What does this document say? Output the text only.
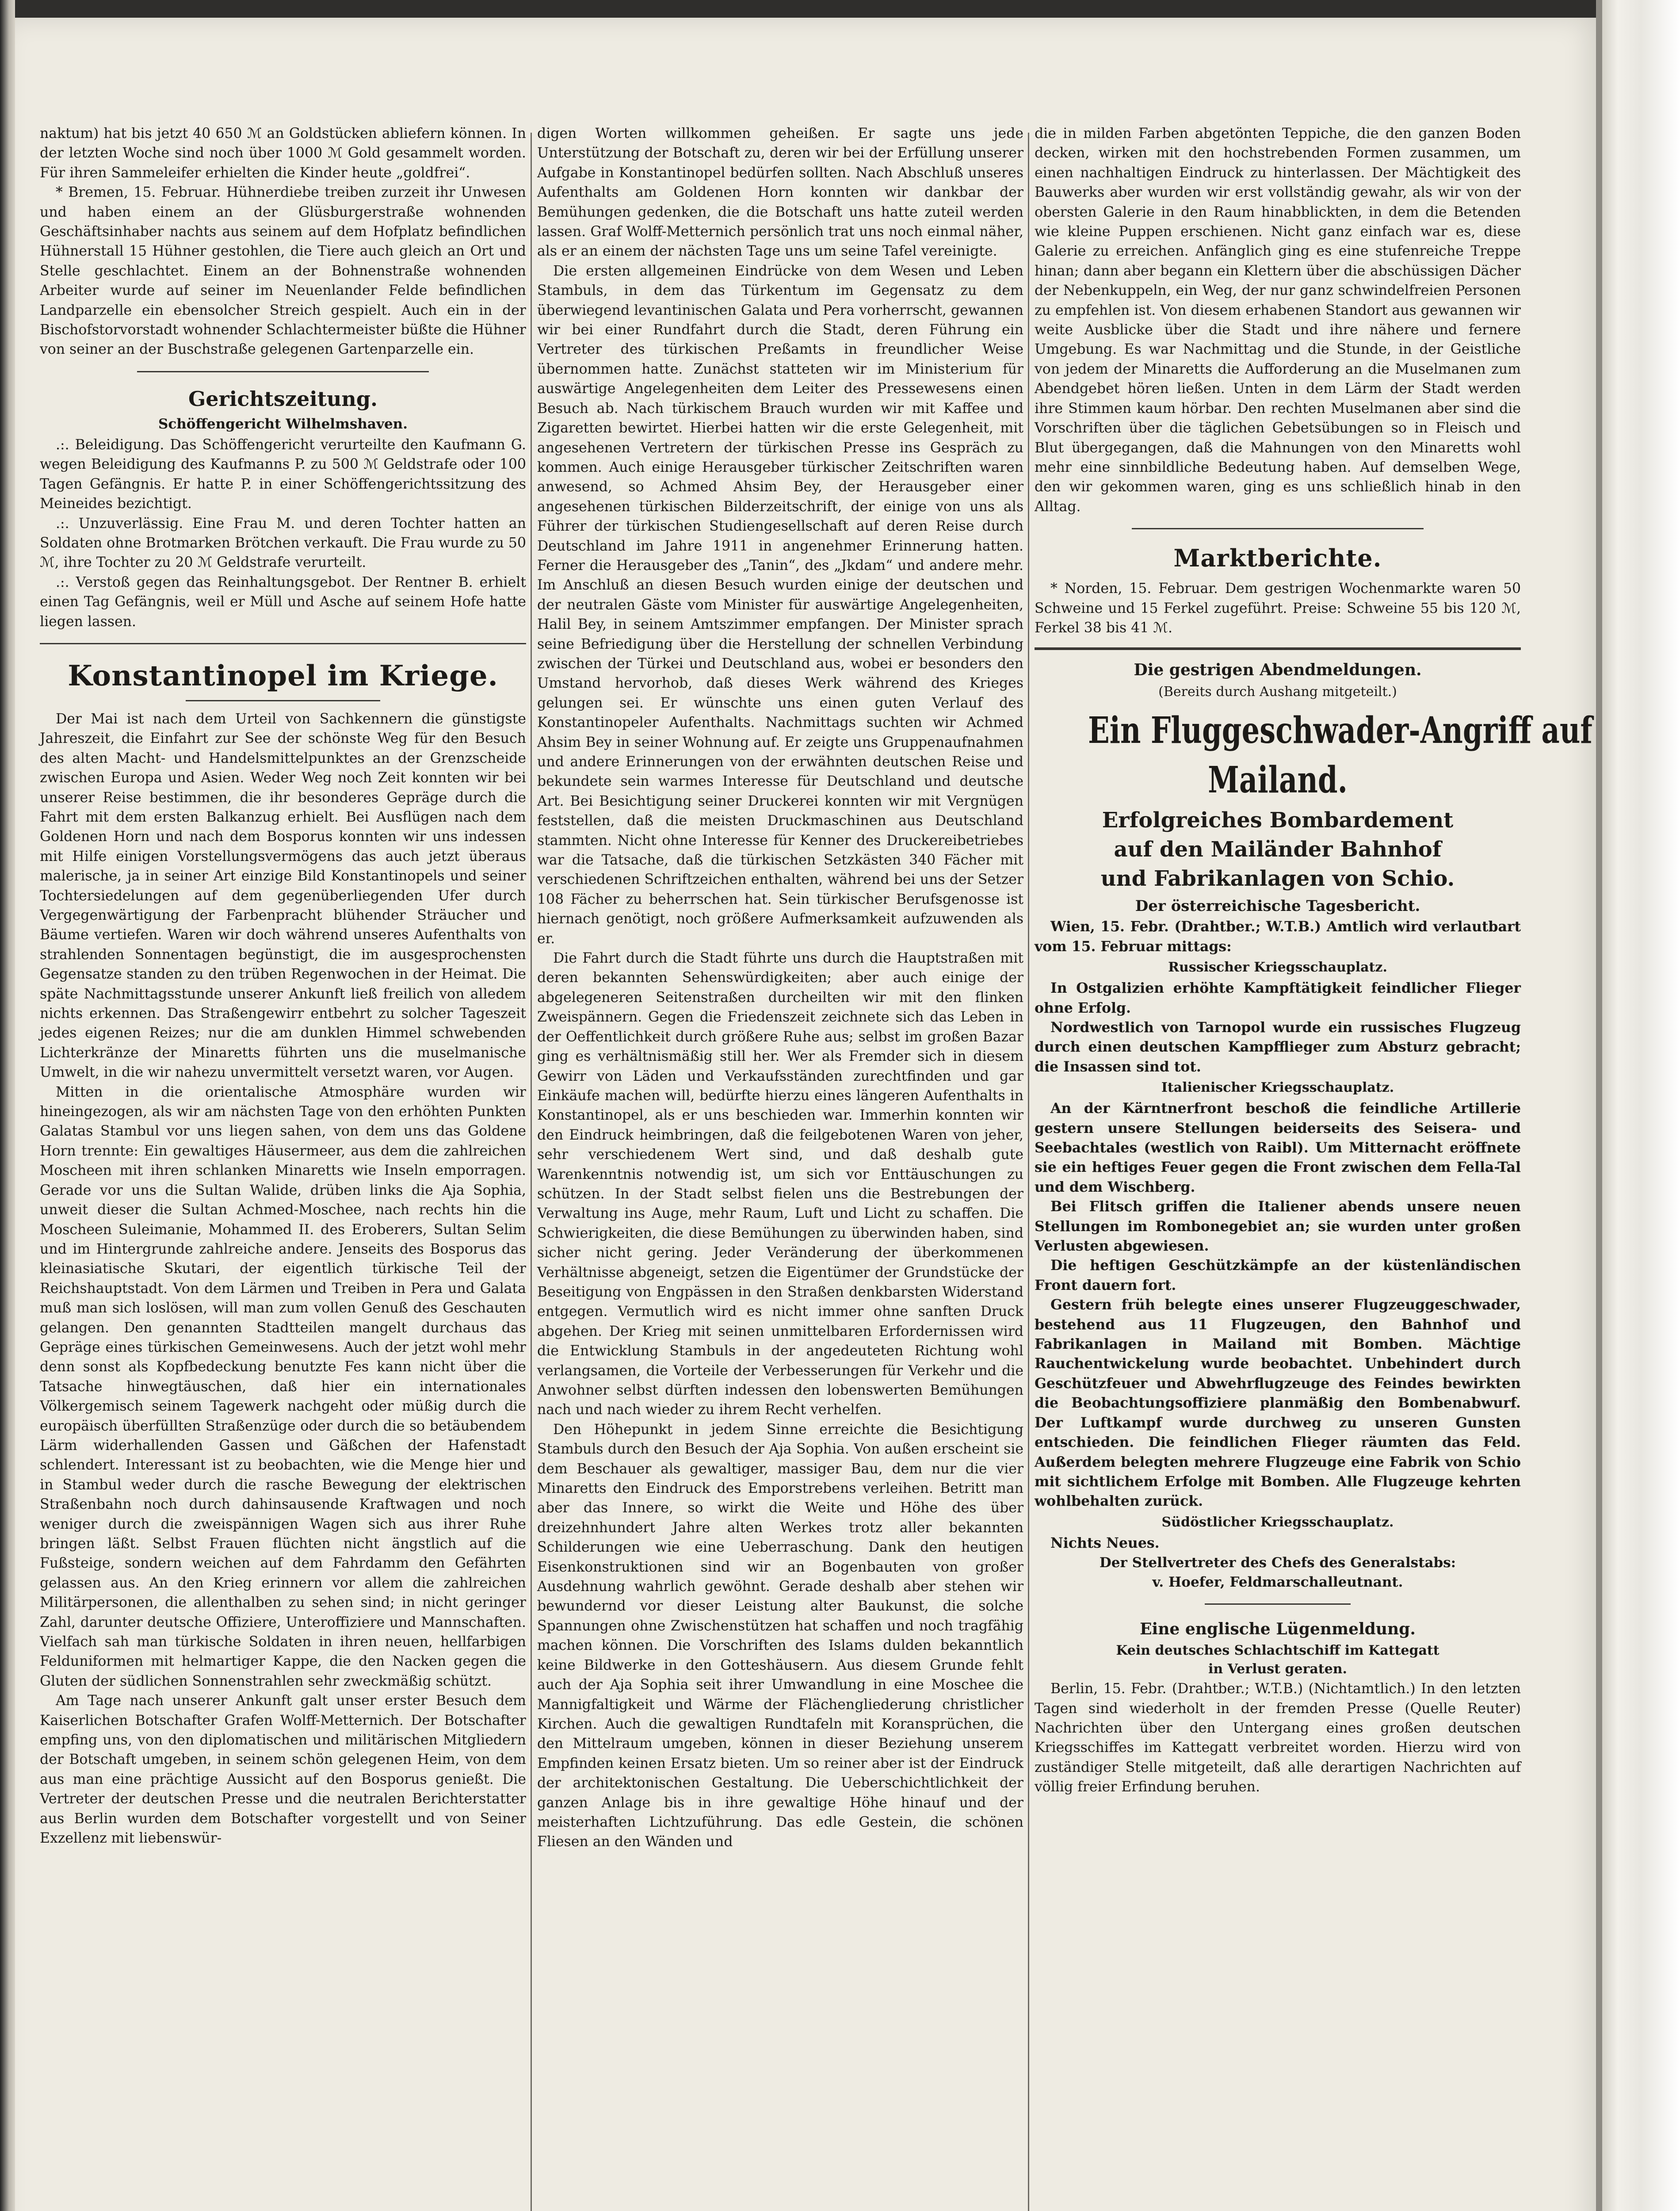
naktum) hat bis jetzt 40 650 ℳ an Goldstücken abliefern können. In der letzten Woche sind noch über 1000 ℳ Gold gesammelt worden. Für ihren Sammeleifer erhielten die Kinder heute „goldfrei“.

* Bremen, 15. Februar. Hühnerdiebe treiben zurzeit ihr Unwesen und haben einem an der Glüsburgerstraße wohnenden Geschäftsinhaber nachts aus seinem auf dem Hofplatz befindlichen Hühnerstall 15 Hühner gestohlen, die Tiere auch gleich an Ort und Stelle geschlachtet. Einem an der Bohnenstraße wohnenden Arbeiter wurde auf seiner im Neuenlander Felde befindlichen Landparzelle ein ebensolcher Streich gespielt. Auch ein in der Bischofstorvorstadt wohnender Schlachtermeister büßte die Hühner von seiner an der Buschstraße gelegenen Gartenparzelle ein.

Gerichtszeitung.
Schöffengericht Wilhelmshaven.

.:. Beleidigung. Das Schöffengericht verurteilte den Kaufmann G. wegen Beleidigung des Kaufmanns P. zu 500 ℳ Geldstrafe oder 100 Tagen Gefängnis. Er hatte P. in einer Schöffengerichtssitzung des Meineides bezichtigt.

.:. Unzuverlässig. Eine Frau M. und deren Tochter hatten an Soldaten ohne Brotmarken Brötchen verkauft. Die Frau wurde zu 50 ℳ, ihre Tochter zu 20 ℳ Geldstrafe verurteilt.

.:. Verstoß gegen das Reinhaltungsgebot. Der Rentner B. erhielt einen Tag Gefängnis, weil er Müll und Asche auf seinem Hofe hatte liegen lassen.

Konstantinopel im Kriege.

Der Mai ist nach dem Urteil von Sachkennern die günstigste Jahreszeit, die Einfahrt zur See der schönste Weg für den Besuch des alten Macht- und Handelsmittelpunktes an der Grenzscheide zwischen Europa und Asien. Weder Weg noch Zeit konnten wir bei unserer Reise bestimmen, die ihr besonderes Gepräge durch die Fahrt mit dem ersten Balkanzug erhielt. Bei Ausflügen nach dem Goldenen Horn und nach dem Bosporus konnten wir uns indessen mit Hilfe einigen Vorstellungsvermögens das auch jetzt überaus malerische, ja in seiner Art einzige Bild Konstantinopels und seiner Tochtersiedelungen auf dem gegenüberliegenden Ufer durch Vergegenwärtigung der Farbenpracht blühender Sträucher und Bäume vertiefen. Waren wir doch während unseres Aufenthalts von strahlenden Sonnentagen begünstigt, die im ausgesprochensten Gegensatze standen zu den trüben Regenwochen in der Heimat. Die späte Nachmittagsstunde unserer Ankunft ließ freilich von alledem nichts erkennen. Das Straßengewirr entbehrt zu solcher Tageszeit jedes eigenen Reizes; nur die am dunklen Himmel schwebenden Lichterkränze der Minaretts führten uns die muselmanische Umwelt, in die wir nahezu unvermittelt versetzt waren, vor Augen.

Mitten in die orientalische Atmosphäre wurden wir hineingezogen, als wir am nächsten Tage von den erhöhten Punkten Galatas Stambul vor uns liegen sahen, von dem uns das Goldene Horn trennte: Ein gewaltiges Häusermeer, aus dem die zahlreichen Moscheen mit ihren schlanken Minaretts wie Inseln emporragen. Gerade vor uns die Sultan Walide, drüben links die Aja Sophia, unweit dieser die Sultan Achmed-Moschee, nach rechts hin die Moscheen Suleimanie, Mohammed II. des Eroberers, Sultan Selim und im Hintergrunde zahlreiche andere. Jenseits des Bosporus das kleinasiatische Skutari, der eigentlich türkische Teil der Reichshauptstadt. Von dem Lärmen und Treiben in Pera und Galata muß man sich loslösen, will man zum vollen Genuß des Geschauten gelangen. Den genannten Stadtteilen mangelt durchaus das Gepräge eines türkischen Gemeinwesens. Auch der jetzt wohl mehr denn sonst als Kopfbedeckung benutzte Fes kann nicht über die Tatsache hinwegtäuschen, daß hier ein internationales Völkergemisch seinem Tagewerk nachgeht oder müßig durch die europäisch überfüllten Straßenzüge oder durch die so betäubendem Lärm widerhallenden Gassen und Gäßchen der Hafenstadt schlendert. Interessant ist zu beobachten, wie die Menge hier und in Stambul weder durch die rasche Bewegung der elektrischen Straßenbahn noch durch dahinsausende Kraftwagen und noch weniger durch die zweispännigen Wagen sich aus ihrer Ruhe bringen läßt. Selbst Frauen flüchten nicht ängstlich auf die Fußsteige, sondern weichen auf dem Fahrdamm den Gefährten gelassen aus. An den Krieg erinnern vor allem die zahlreichen Militärpersonen, die allenthalben zu sehen sind; in nicht geringer Zahl, darunter deutsche Offiziere, Unteroffiziere und Mannschaften. Vielfach sah man türkische Soldaten in ihren neuen, hellfarbigen Felduniformen mit helmartiger Kappe, die den Nacken gegen die Gluten der südlichen Sonnenstrahlen sehr zweckmäßig schützt.

Am Tage nach unserer Ankunft galt unser erster Besuch dem Kaiserlichen Botschafter Grafen Wolff-Metternich. Der Botschafter empfing uns, von den diplomatischen und militärischen Mitgliedern der Botschaft umgeben, in seinem schön gelegenen Heim, von dem aus man eine prächtige Aussicht auf den Bosporus genießt. Die Vertreter der deutschen Presse und die neutralen Berichterstatter aus Berlin wurden dem Botschafter vorgestellt und von Seiner Exzellenz mit liebenswür-

digen Worten willkommen geheißen. Er sagte uns jede Unterstützung der Botschaft zu, deren wir bei der Erfüllung unserer Aufgabe in Konstantinopel bedürfen sollten. Nach Abschluß unseres Aufenthalts am Goldenen Horn konnten wir dankbar der Bemühungen gedenken, die die Botschaft uns hatte zuteil werden lassen. Graf Wolff-Metternich persönlich trat uns noch einmal näher, als er an einem der nächsten Tage uns um seine Tafel vereinigte.

Die ersten allgemeinen Eindrücke von dem Wesen und Leben Stambuls, in dem das Türkentum im Gegensatz zu dem überwiegend levantinischen Galata und Pera vorherrscht, gewannen wir bei einer Rundfahrt durch die Stadt, deren Führung ein Vertreter des türkischen Preßamts in freundlicher Weise übernommen hatte. Zunächst statteten wir im Ministerium für auswärtige Angelegenheiten dem Leiter des Pressewesens einen Besuch ab. Nach türkischem Brauch wurden wir mit Kaffee und Zigaretten bewirtet. Hierbei hatten wir die erste Gelegenheit, mit angesehenen Vertretern der türkischen Presse ins Gespräch zu kommen. Auch einige Herausgeber türkischer Zeitschriften waren anwesend, so Achmed Ahsim Bey, der Herausgeber einer angesehenen türkischen Bilderzeitschrift, der einige von uns als Führer der türkischen Studiengesellschaft auf deren Reise durch Deutschland im Jahre 1911 in angenehmer Erinnerung hatten. Ferner die Herausgeber des „Tanin“, des „Jkdam“ und andere mehr. Im Anschluß an diesen Besuch wurden einige der deutschen und der neutralen Gäste vom Minister für auswärtige Angelegenheiten, Halil Bey, in seinem Amtszimmer empfangen. Der Minister sprach seine Befriedigung über die Herstellung der schnellen Verbindung zwischen der Türkei und Deutschland aus, wobei er besonders den Umstand hervorhob, daß dieses Werk während des Krieges gelungen sei. Er wünschte uns einen guten Verlauf des Konstantinopeler Aufenthalts. Nachmittags suchten wir Achmed Ahsim Bey in seiner Wohnung auf. Er zeigte uns Gruppenaufnahmen und andere Erinnerungen von der erwähnten deutschen Reise und bekundete sein warmes Interesse für Deutschland und deutsche Art. Bei Besichtigung seiner Druckerei konnten wir mit Vergnügen feststellen, daß die meisten Druckmaschinen aus Deutschland stammten. Nicht ohne Interesse für Kenner des Druckereibetriebes war die Tatsache, daß die türkischen Setzkästen 340 Fächer mit verschiedenen Schriftzeichen enthalten, während bei uns der Setzer 108 Fächer zu beherrschen hat. Sein türkischer Berufsgenosse ist hiernach genötigt, noch größere Aufmerksamkeit aufzuwenden als er.

Die Fahrt durch die Stadt führte uns durch die Hauptstraßen mit deren bekannten Sehenswürdigkeiten; aber auch einige der abgelegeneren Seitenstraßen durcheilten wir mit den flinken Zweispännern. Gegen die Friedenszeit zeichnete sich das Leben in der Oeffentlichkeit durch größere Ruhe aus; selbst im großen Bazar ging es verhältnismäßig still her. Wer als Fremder sich in diesem Gewirr von Läden und Verkaufsständen zurechtfinden und gar Einkäufe machen will, bedürfte hierzu eines längeren Aufenthalts in Konstantinopel, als er uns beschieden war. Immerhin konnten wir den Eindruck heimbringen, daß die feilgebotenen Waren von jeher, sehr verschiedenem Wert sind, und daß deshalb gute Warenkenntnis notwendig ist, um sich vor Enttäuschungen zu schützen. In der Stadt selbst fielen uns die Bestrebungen der Verwaltung ins Auge, mehr Raum, Luft und Licht zu schaffen. Die Schwierigkeiten, die diese Bemühungen zu überwinden haben, sind sicher nicht gering. Jeder Veränderung der überkommenen Verhältnisse abgeneigt, setzen die Eigentümer der Grundstücke der Beseitigung von Engpässen in den Straßen denkbarsten Widerstand entgegen. Vermutlich wird es nicht immer ohne sanften Druck abgehen. Der Krieg mit seinen unmittelbaren Erfordernissen wird die Entwicklung Stambuls in der angedeuteten Richtung wohl verlangsamen, die Vorteile der Verbesserungen für Verkehr und die Anwohner selbst dürften indessen den lobenswerten Bemühungen nach und nach wieder zu ihrem Recht verhelfen.

Den Höhepunkt in jedem Sinne erreichte die Besichtigung Stambuls durch den Besuch der Aja Sophia. Von außen erscheint sie dem Beschauer als gewaltiger, massiger Bau, dem nur die vier Minaretts den Eindruck des Emporstrebens verleihen. Betritt man aber das Innere, so wirkt die Weite und Höhe des über dreizehnhundert Jahre alten Werkes trotz aller bekannten Schilderungen wie eine Ueberraschung. Dank den heutigen Eisenkonstruktionen sind wir an Bogenbauten von großer Ausdehnung wahrlich gewöhnt. Gerade deshalb aber stehen wir bewundernd vor dieser Leistung alter Baukunst, die solche Spannungen ohne Zwischenstützen hat schaffen und noch tragfähig machen können. Die Vorschriften des Islams dulden bekanntlich keine Bildwerke in den Gotteshäusern. Aus diesem Grunde fehlt auch der Aja Sophia seit ihrer Umwandlung in eine Moschee die Mannigfaltigkeit und Wärme der Flächengliederung christlicher Kirchen. Auch die gewaltigen Rundtafeln mit Koransprüchen, die den Mittelraum umgeben, können in dieser Beziehung unserem Empfinden keinen Ersatz bieten. Um so reiner aber ist der Eindruck der architektonischen Gestaltung. Die Ueberschichtlichkeit der ganzen Anlage bis in ihre gewaltige Höhe hinauf und der meisterhaften Lichtzuführung. Das edle Gestein, die schönen Fliesen an den Wänden und

die in milden Farben abgetönten Teppiche, die den ganzen Boden decken, wirken mit den hochstrebenden Formen zusammen, um einen nachhaltigen Eindruck zu hinterlassen. Der Mächtigkeit des Bauwerks aber wurden wir erst vollständig gewahr, als wir von der obersten Galerie in den Raum hinabblickten, in dem die Betenden wie kleine Puppen erschienen. Nicht ganz einfach war es, diese Galerie zu erreichen. Anfänglich ging es eine stufenreiche Treppe hinan; dann aber begann ein Klettern über die abschüssigen Dächer der Nebenkuppeln, ein Weg, der nur ganz schwindelfreien Personen zu empfehlen ist. Von diesem erhabenen Standort aus gewannen wir weite Ausblicke über die Stadt und ihre nähere und fernere Umgebung. Es war Nachmittag und die Stunde, in der Geistliche von jedem der Minaretts die Aufforderung an die Muselmanen zum Abendgebet hören ließen. Unten in dem Lärm der Stadt werden ihre Stimmen kaum hörbar. Den rechten Muselmanen aber sind die Vorschriften über die täglichen Gebetsübungen so in Fleisch und Blut übergegangen, daß die Mahnungen von den Minaretts wohl mehr eine sinnbildliche Bedeutung haben. Auf demselben Wege, den wir gekommen waren, ging es uns schließlich hinab in den Alltag.

Marktberichte.

* Norden, 15. Februar. Dem gestrigen Wochenmarkte waren 50 Schweine und 15 Ferkel zugeführt. Preise: Schweine 55 bis 120 ℳ, Ferkel 38 bis 41 ℳ.

Die gestrigen Abendmeldungen.
(Bereits durch Aushang mitgeteilt.)
Ein Fluggeschwader-Angriff auf
Mailand.
Erfolgreiches Bombardement
auf den Mailänder Bahnhof
und Fabrikanlagen von Schio.
Der österreichische Tagesbericht.

Wien, 15. Febr. (Drahtber.; W.T.B.) Amtlich wird verlautbart vom 15. Februar mittags:

Russischer Kriegsschauplatz.

In Ostgalizien erhöhte Kampftätigkeit feindlicher Flieger ohne Erfolg.

Nordwestlich von Tarnopol wurde ein russisches Flugzeug durch einen deutschen Kampfflieger zum Absturz gebracht; die Insassen sind tot.

Italienischer Kriegsschauplatz.

An der Kärntnerfront beschoß die feindliche Artillerie gestern unsere Stellungen beiderseits des Seisera- und Seebachtales (westlich von Raibl). Um Mitternacht eröffnete sie ein heftiges Feuer gegen die Front zwischen dem Fella-Tal und dem Wischberg.

Bei Flitsch griffen die Italiener abends unsere neuen Stellungen im Rombonegebiet an; sie wurden unter großen Verlusten abgewiesen.

Die heftigen Geschützkämpfe an der küstenländischen Front dauern fort.

Gestern früh belegte eines unserer Flugzeuggeschwader, bestehend aus 11 Flugzeugen, den Bahnhof und Fabrikanlagen in Mailand mit Bomben. Mächtige Rauchentwickelung wurde beobachtet. Unbehindert durch Geschützfeuer und Abwehrflugzeuge des Feindes bewirkten die Beobachtungsoffiziere planmäßig den Bombenabwurf. Der Luftkampf wurde durchweg zu unseren Gunsten entschieden. Die feindlichen Flieger räumten das Feld. Außerdem belegten mehrere Flugzeuge eine Fabrik von Schio mit sichtlichem Erfolge mit Bomben. Alle Flugzeuge kehrten wohlbehalten zurück.

Südöstlicher Kriegsschauplatz.

Nichts Neues.

Der Stellvertreter des Chefs des Generalstabs:
v. Hoefer, Feldmarschalleutnant.
Eine englische Lügenmeldung.
Kein deutsches Schlachtschiff im Kattegatt
in Verlust geraten.

Berlin, 15. Febr. (Drahtber.; W.T.B.) (Nichtamtlich.) In den letzten Tagen sind wiederholt in der fremden Presse (Quelle Reuter) Nachrichten über den Untergang eines großen deutschen Kriegsschiffes im Kattegatt verbreitet worden. Hierzu wird von zuständiger Stelle mitgeteilt, daß alle derartigen Nachrichten auf völlig freier Erfindung beruhen.
